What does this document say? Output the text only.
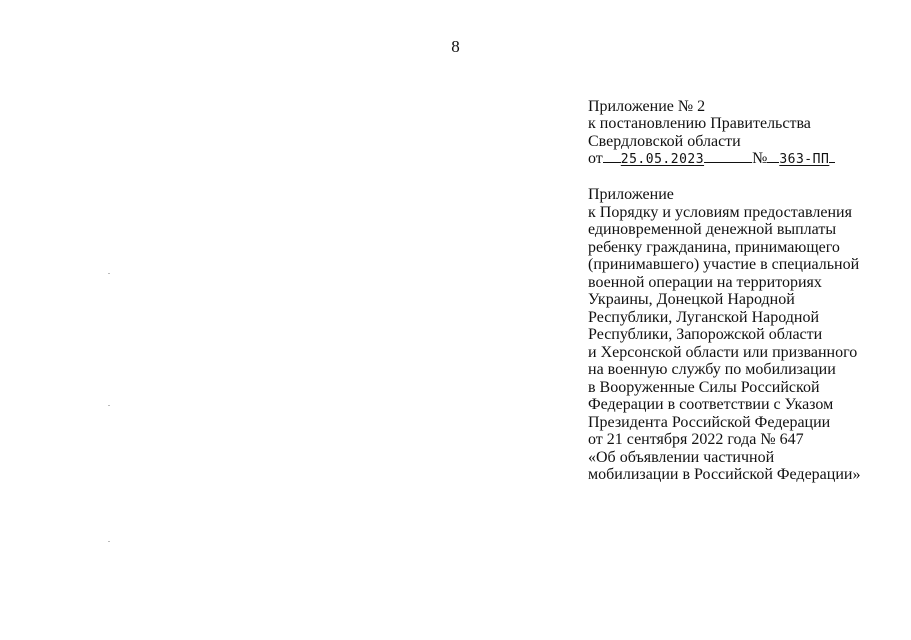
8
Приложение № 2
к постановлению Правительства
Свердловской области
от 25.05.2023	№ 363-ПП
Приложение
к Порядку и условиям предоставления
единовременной денежной выплаты
ребенку гражданина, принимающего
(принимавшего) участие в специальной
военной операции на территориях
Украины, Донецкой Народной
Республики, Луганской Народной
Республики, Запорожской области
и Херсонской области или призванного
на военную службу по мобилизации
в Вооруженные Силы Российской
Федерации в соответствии с Указом
Президента Российской Федерации
от 21 сентября 2022 года № 647
«Об объявлении частичной
мобилизации в Российской Федерации»
